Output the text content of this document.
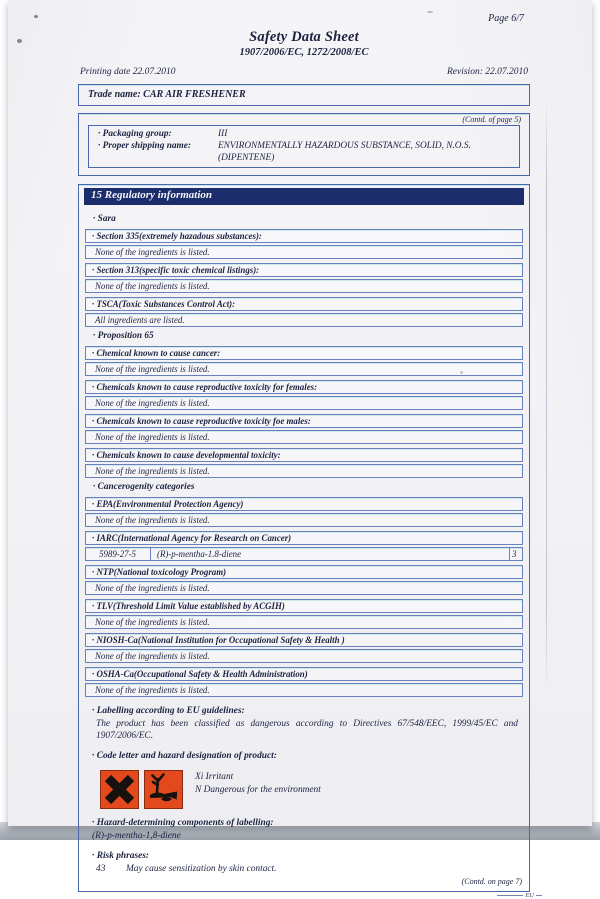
Page 6/7
Safety Data Sheet
1907/2006/EC, 1272/2008/EC
Printing date 22.07.2010	Revision: 22.07.2010
Trade name: CAR AIR FRESHENER
(Contd. of page 5)
· Packaging group:	III
· Proper shipping name:	ENVIRONMENTALLY HAZARDOUS SUBSTANCE, SOLID, N.O.S. (DIPENTENE)
15 Regulatory information
· Sara
· Section 335(extremely hazadous substances):
None of the ingredients is listed.
· Section 313(specific toxic chemical listings):
None of the ingredients is listed.
· TSCA(Toxic Substances Control Act):
All ingredients are listed.
· Proposition 65
· Chemical known to cause cancer:
None of the ingredients is listed.
· Chemicals known to cause reproductive toxicity for females:
None of the ingredients is listed.
· Chemicals known to cause reproductive toxicity foe males:
None of the ingredients is listed.
· Chemicals known to cause developmental toxicity:
None of the ingredients is listed.
· Cancerogenity categories
· EPA(Environmental Protection Agency)
None of the ingredients is listed.
· IARC(International Agency for Research on Cancer)
5989-27-5	(R)-p-mentha-1.8-diene	3
· NTP(National toxicology Program)
None of the ingredients is listed.
· TLV(Threshold Limit Value established by ACGIH)
None of the ingredients is listed.
· NIOSH-Ca(National Institution for Occupational Safety & Health )
None of the ingredients is listed.
· OSHA-Ca(Occupational Safety & Health Administration)
None of the ingredients is listed.
· Labelling according to EU guidelines:
The product has been classified as dangerous according to Directives 67/548/EEC, 1999/45/EC and 1907/2006/EC.
· Code letter and hazard designation of product:
Xi Irritant
N Dangerous for the environment
· Hazard-determining components of labelling:
(R)-p-mentha-1,8-diene
· Risk phrases:
43	May cause sensitization by skin contact.
(Contd. on page 7)
EU
